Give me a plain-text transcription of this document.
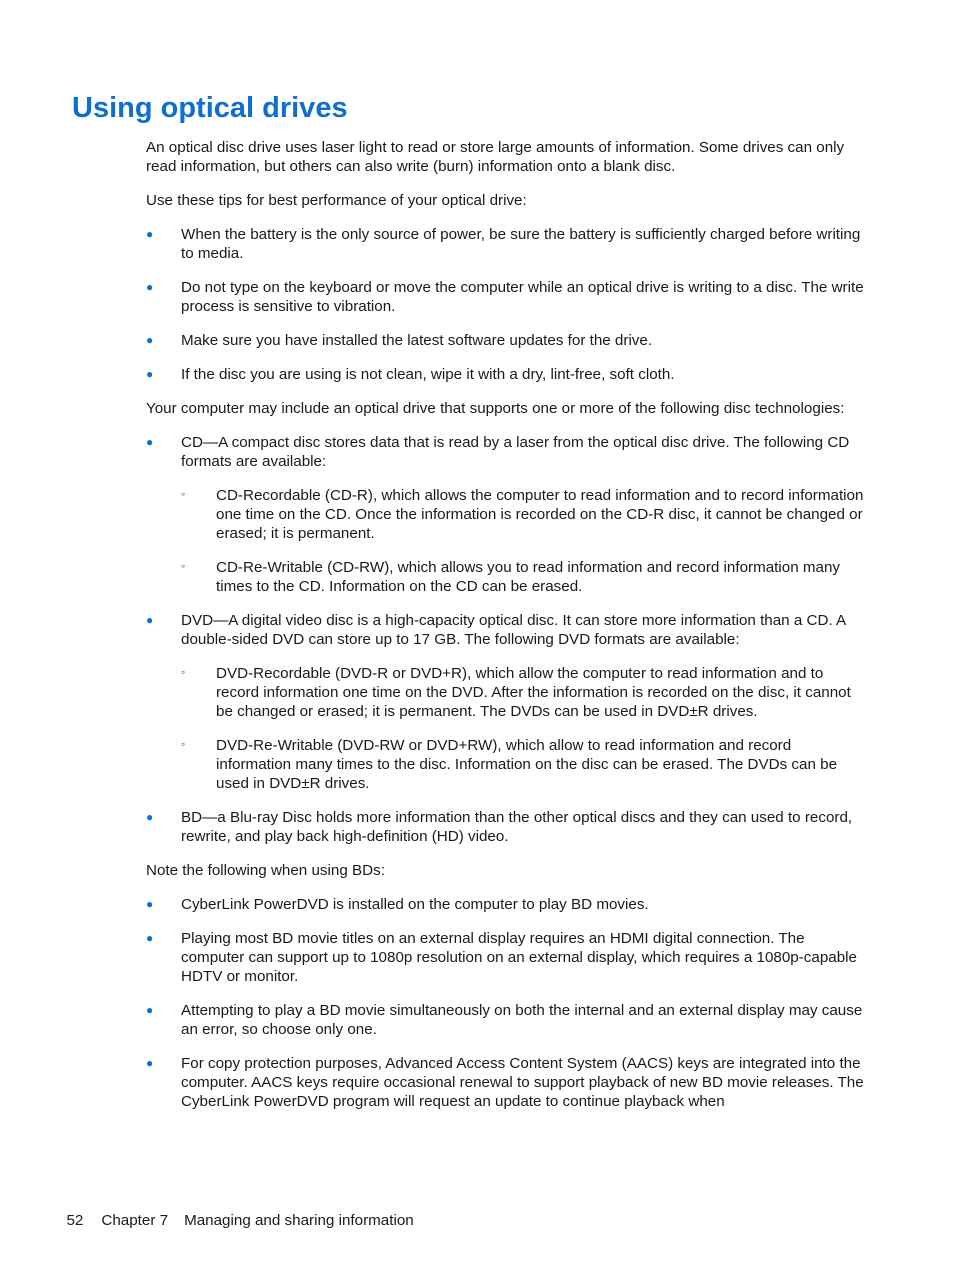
Using optical drives

An optical disc drive uses laser light to read or store large amounts of information. Some drives can only read information, but others can also write (burn) information onto a blank disc.

Use these tips for best performance of your optical drive:

●	When the battery is the only source of power, be sure the battery is sufficiently charged before writing to media.
●	Do not type on the keyboard or move the computer while an optical drive is writing to a disc. The write process is sensitive to vibration.
●	Make sure you have installed the latest software updates for the drive.
●	If the disc you are using is not clean, wipe it with a dry, lint-free, soft cloth.

Your computer may include an optical drive that supports one or more of the following disc technologies:

●	CD—A compact disc stores data that is read by a laser from the optical disc drive. The following CD formats are available:
◦	CD-Recordable (CD-R), which allows the computer to read information and to record information one time on the CD. Once the information is recorded on the CD-R disc, it cannot be changed or erased; it is permanent.
◦	CD-Re-Writable (CD-RW), which allows you to read information and record information many times to the CD. Information on the CD can be erased.
●	DVD—A digital video disc is a high-capacity optical disc. It can store more information than a CD. A double-sided DVD can store up to 17 GB. The following DVD formats are available:
◦	DVD-Recordable (DVD-R or DVD+R), which allow the computer to read information and to record information one time on the DVD. After the information is recorded on the disc, it cannot be changed or erased; it is permanent. The DVDs can be used in DVD±R drives.
◦	DVD-Re-Writable (DVD-RW or DVD+RW), which allow to read information and record information many times to the disc. Information on the disc can be erased. The DVDs can be used in DVD±R drives.
●	BD—a Blu-ray Disc holds more information than the other optical discs and they can used to record, rewrite, and play back high-definition (HD) video.

Note the following when using BDs:

●	CyberLink PowerDVD is installed on the computer to play BD movies.
●	Playing most BD movie titles on an external display requires an HDMI digital connection. The computer can support up to 1080p resolution on an external display, which requires a 1080p-capable HDTV or monitor.
●	Attempting to play a BD movie simultaneously on both the internal and an external display may cause an error, so choose only one.
●	For copy protection purposes, Advanced Access Content System (AACS) keys are integrated into the computer. AACS keys require occasional renewal to support playback of new BD movie releases. The CyberLink PowerDVD program will request an update to continue playback when

52 Chapter 7 Managing and sharing information
